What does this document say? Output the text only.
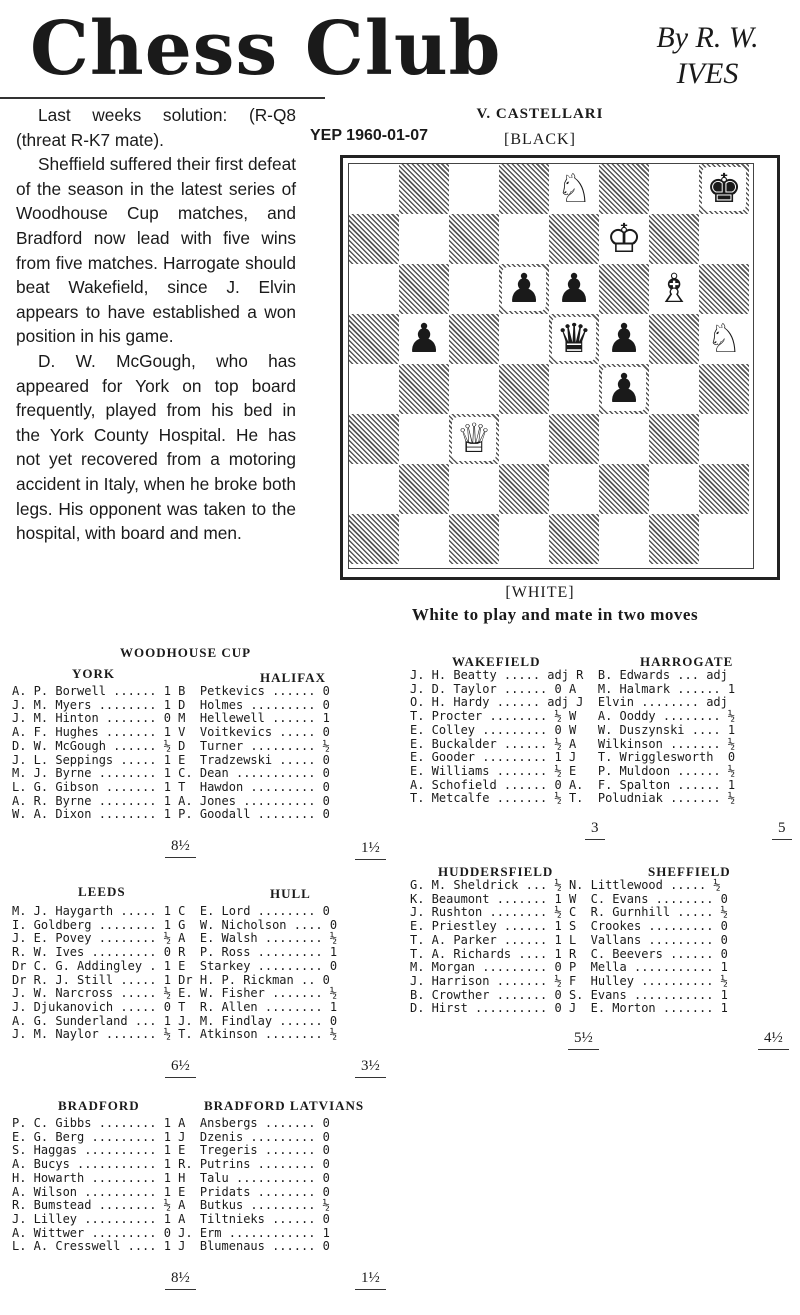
Chess Club	By R. W.
IVES

Last weeks solution: (R-Q8 (threat R-K7 mate).

Sheffield suffered their first defeat of the season in the latest series of Woodhouse Cup matches, and Bradford now lead with five wins from five matches. Harrogate should beat Wakefield, since J. Elvin appears to have established a won position in his game.

D. W. McGough, who has appeared for York on top board frequently, played from his bed in the York County Hospital. He has not yet recovered from a motoring accident in Italy, when he broke both legs. His opponent was taken to the hospital, with board and men.

YEP 1960-01-07
V. CASTELLARI
[BLACK]
♘	♚
♔
♟ ♟ ♗
♟	♛ ♟ ♘
♟
♕
[WHITE]
White to play and mate in two moves
WOODHOUSE CUP
YORK	HALIFAX
A. P. Borwell ...... 1 B  Petkevics ...... 0
J. M. Myers ........ 1 D  Holmes ......... 0
J. M. Hinton ....... 0 M  Hellewell ...... 1
A. F. Hughes ....... 1 V  Voitkevics ..... 0
D. W. McGough ...... ½ D  Turner ......... ½
J. L. Seppings ..... 1 E  Tradzewski ..... 0
M. J. Byrne ........ 1 C. Dean ........... 0
L. G. Gibson ....... 1 T  Hawdon ......... 0
A. R. Byrne ........ 1 A. Jones .......... 0
W. A. Dixon ........ 1 P. Goodall ........ 0
8½	1½
WAKEFIELD	HARROGATE
J. H. Beatty ..... adj R  B. Edwards ... adj
J. D. Taylor ...... 0 A   M. Halmark ...... 1
O. H. Hardy ...... adj J  Elvin ........ adj
T. Procter ........ ½ W   A. Ooddy ........ ½
E. Colley ......... 0 W   W. Duszynski .... 1
E. Buckalder ...... ½ A   Wilkinson ....... ½
E. Gooder ......... 1 J   T. Wrigglesworth  0
E. Williams ....... ½ E   P. Muldoon ...... ½
A. Schofield ...... 0 A.  F. Spalton ...... 1
T. Metcalfe ....... ½ T.  Poludniak ....... ½
3	5
LEEDS	HULL
M. J. Haygarth ..... 1 C  E. Lord ........ 0
I. Goldberg ........ 1 G  W. Nicholson .... 0
J. E. Povey ........ ½ A  E. Walsh ........ ½
R. W. Ives ......... 0 R  P. Ross ......... 1
Dr C. G. Addingley . 1 E  Starkey ......... 0
Dr R. J. Still ..... 1 Dr H. P. Rickman .. 0
J. W. Narcross ..... ½ E. W. Fisher ....... ½
J. Djukanovich ..... 0 T  R. Allen ........ 1
A. G. Sunderland ... 1 J. M. Findlay ...... 0
J. M. Naylor ....... ½ T. Atkinson ........ ½
6½	3½
HUDDERSFIELD	SHEFFIELD
G. M. Sheldrick ... ½ N. Littlewood ..... ½
K. Beaumont ....... 1 W  C. Evans ........ 0
J. Rushton ........ ½ C  R. Gurnhill ..... ½
E. Priestley ...... 1 S  Crookes ......... 0
T. A. Parker ...... 1 L  Vallans ......... 0
T. A. Richards .... 1 R  C. Beevers ...... 0
M. Morgan ......... 0 P  Mella ........... 1
J. Harrison ....... ½ F  Hulley .......... ½
B. Crowther ....... 0 S. Evans ........... 1
D. Hirst .......... 0 J  E. Morton ....... 1
5½	4½
BRADFORD	BRADFORD LATVIANS
P. C. Gibbs ........ 1 A  Ansbergs ....... 0
E. G. Berg ......... 1 J  Dzenis ......... 0
S. Haggas .......... 1 E  Tregeris ....... 0
A. Bucys ........... 1 R. Putrins ........ 0
H. Howarth ......... 1 H  Talu ........... 0
A. Wilson .......... 1 E  Pridats ........ 0
R. Bumstead ........ ½ A  Butkus ......... ½
J. Lilley .......... 1 A  Tiltnieks ...... 0
A. Wittwer ......... 0 J. Erm ............ 1
L. A. Cresswell .... 1 J  Blumenaus ...... 0
8½	1½
